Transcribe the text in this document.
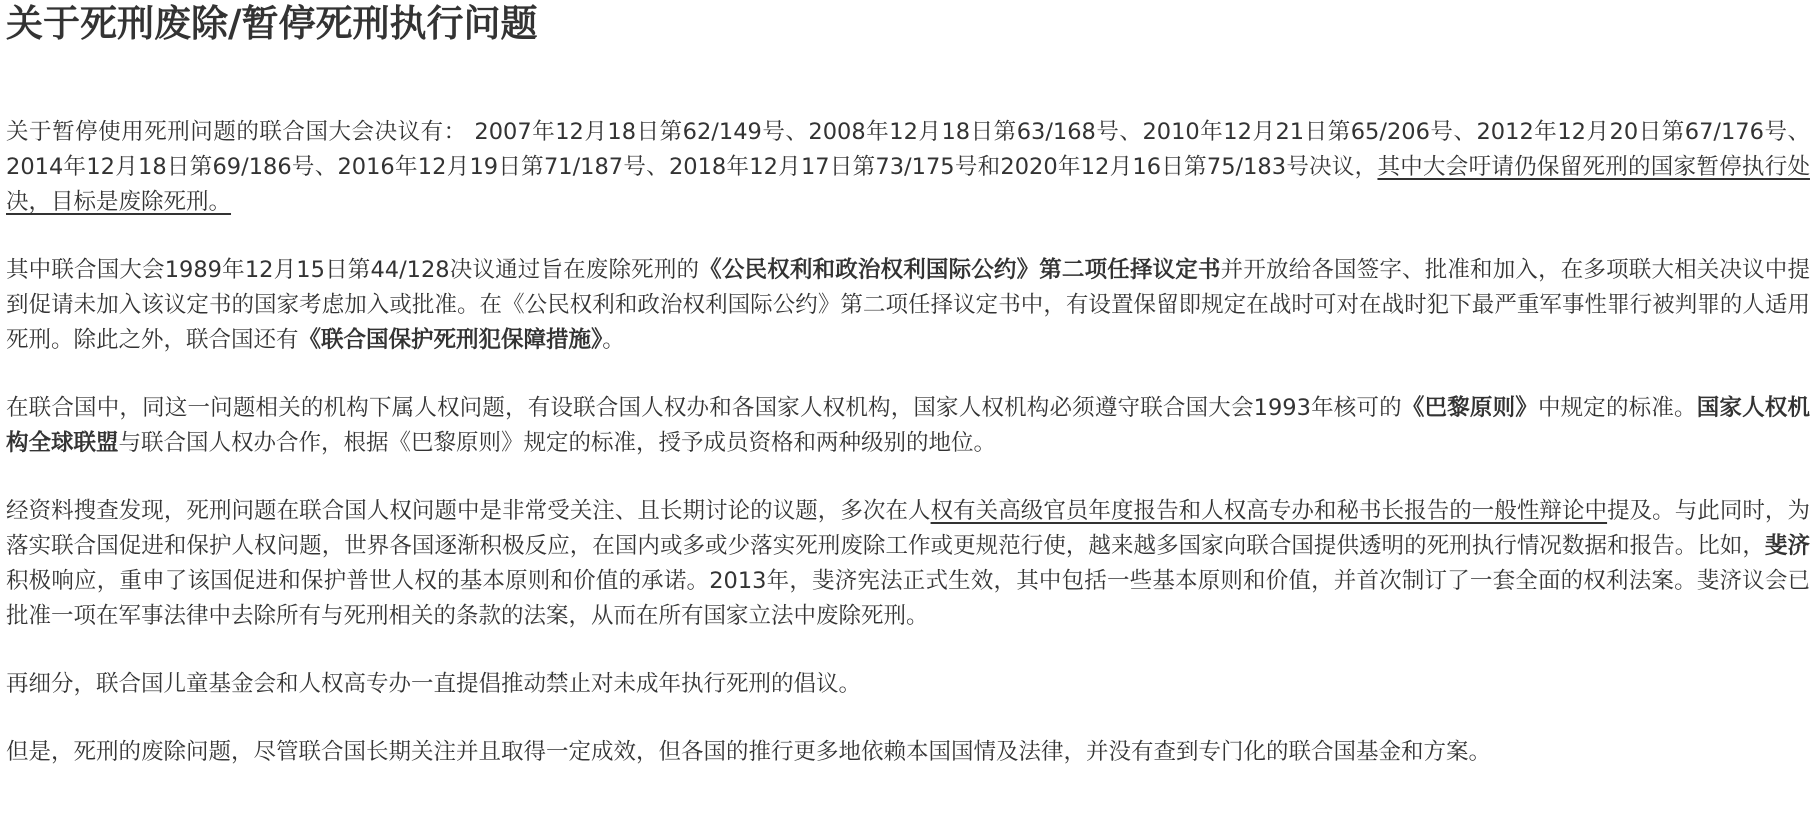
关于死刑废除/暂停死刑执行问题

关于暂停使用死刑问题的联合国大会决议有： 2007年12月18日第62/149号、2008年12月18日第63/168号、2010年12月21日第65/206号、2012年12月20日第67/176号、2014年12月18日第69/186号、2016年12月19日第71/187号、2018年12月17日第73/175号和2020年12月16日第75/183号决议，其中大会吁请仍保留死刑的国家暂停执行处决，目标是废除死刑。

其中联合国大会1989年12月15日第44/128决议通过旨在废除死刑的《公民权利和政治权利国际公约》第二项任择议定书并开放给各国签字、批准和加入，在多项联大相关决议中提到促请未加入该议定书的国家考虑加入或批准。在《公民权利和政治权利国际公约》第二项任择议定书中，有设置保留即规定在战时可对在战时犯下最严重军事性罪行被判罪的人适用死刑。除此之外，联合国还有《联合国保护死刑犯保障措施》。

在联合国中，同这一问题相关的机构下属人权问题，有设联合国人权办和各国家人权机构，国家人权机构必须遵守联合国大会1993年核可的《巴黎原则》中规定的标准。国家人权机构全球联盟与联合国人权办合作，根据《巴黎原则》规定的标准，授予成员资格和两种级别的地位。

经资料搜查发现，死刑问题在联合国人权问题中是非常受关注、且长期讨论的议题，多次在人权有关高级官员年度报告和人权高专办和秘书长报告的一般性辩论中提及。与此同时，为落实联合国促进和保护人权问题，世界各国逐渐积极反应，在国内或多或少落实死刑废除工作或更规范行使，越来越多国家向联合国提供透明的死刑执行情况数据和报告。比如，斐济积极响应，重申了该国促进和保护普世人权的基本原则和价值的承诺。2013年，斐济宪法正式生效，其中包括一些基本原则和价值，并首次制订了一套全面的权利法案。斐济议会已批准一项在军事法律中去除所有与死刑相关的条款的法案，从而在所有国家立法中废除死刑。

再细分，联合国儿童基金会和人权高专办一直提倡推动禁止对未成年执行死刑的倡议。

但是，死刑的废除问题，尽管联合国长期关注并且取得一定成效，但各国的推行更多地依赖本国国情及法律，并没有查到专门化的联合国基金和方案。
